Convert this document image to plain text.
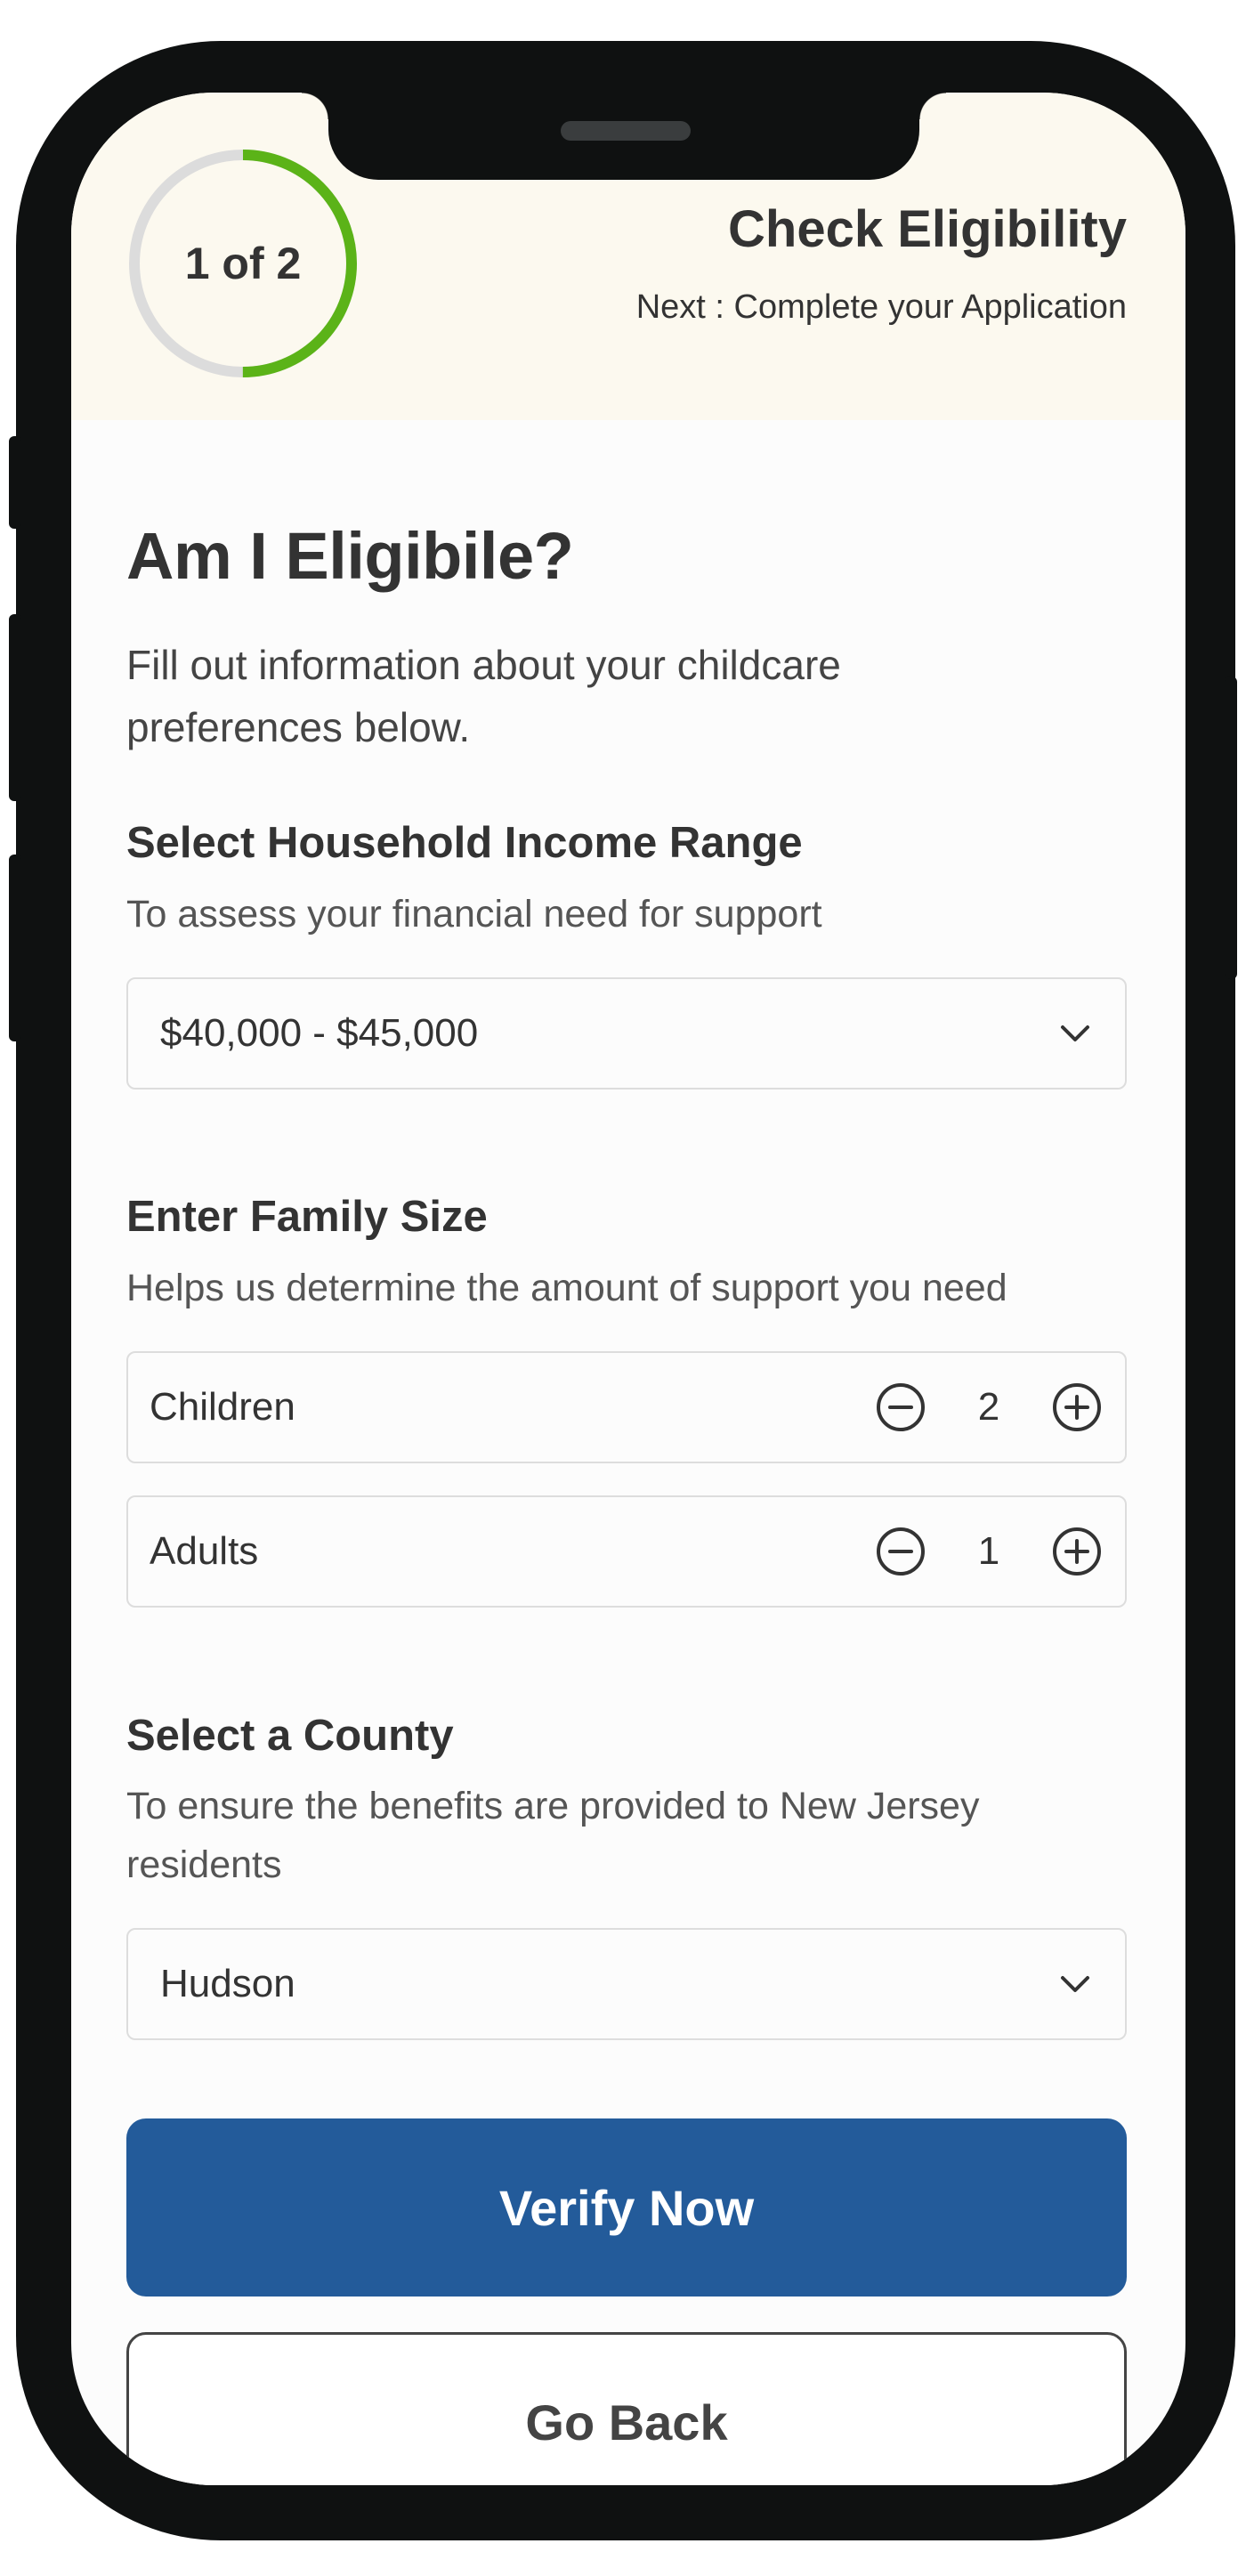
1 of 2
Check Eligibility
Next : Complete your Application
Am I Eligibile?
Fill out information about your childcare preferences below.
Select Household Income Range
To assess your financial need for support
$40,000 - $45,000
Enter Family Size
Helps us determine the amount of support you need
Children	2
Adults	1
Select a County
To ensure the benefits are provided to New Jersey residents
Hudson
Verify Now
Go Back
